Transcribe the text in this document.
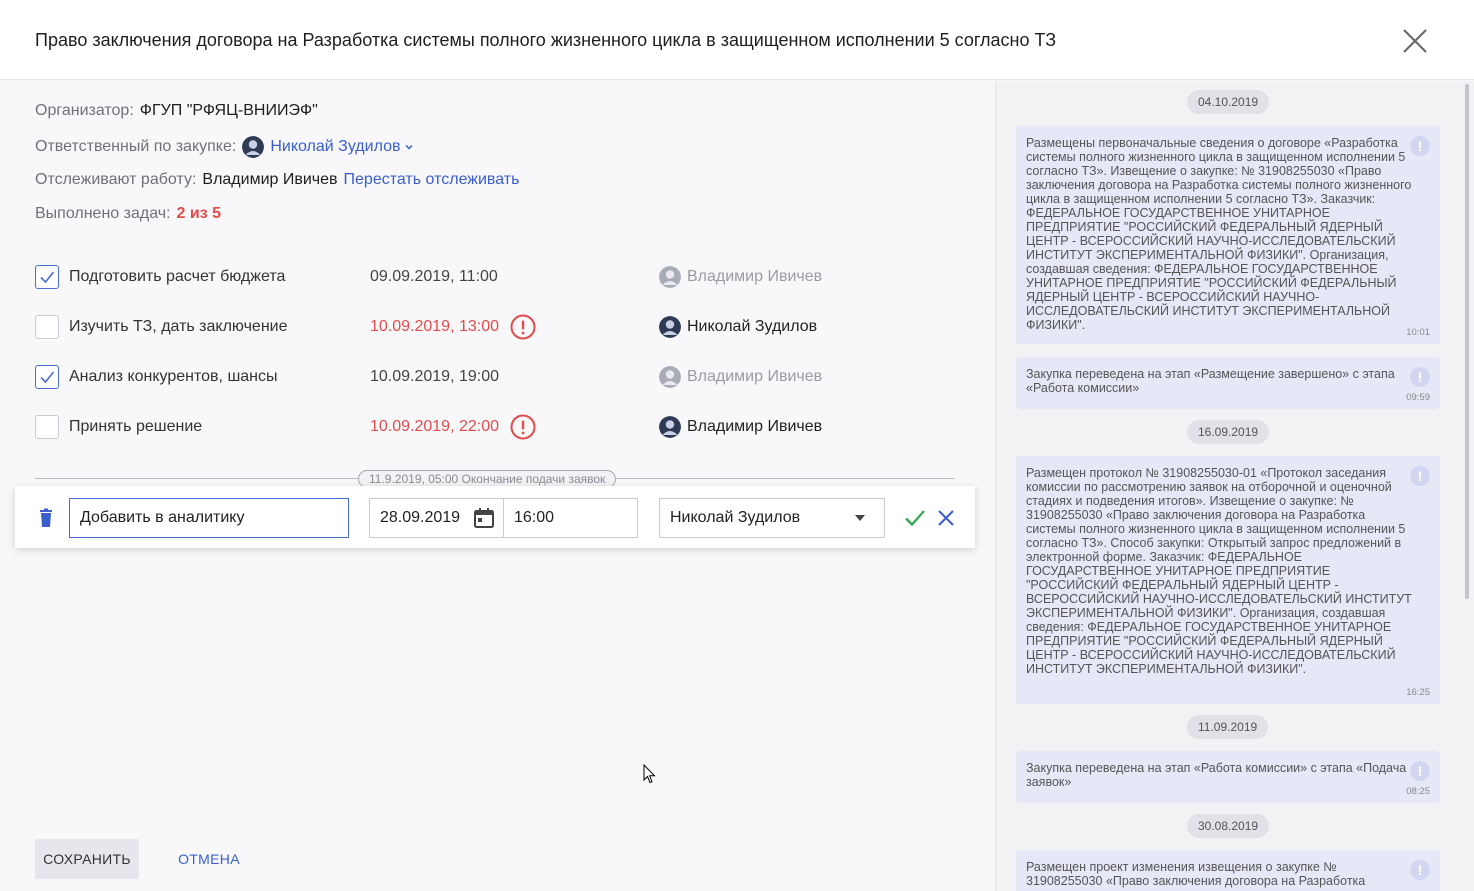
Право заключения договора на Разработка системы полного жизненного цикла в защищенном исполнении 5 согласно ТЗ
Организатор: ФГУП "РФЯЦ-ВНИИЭФ"
Ответственный по закупке: Николай Зудилов
Отслеживают работу: Владимир Ивичев Перестать отслеживать
Выполнено задач: 2 из 5
Подготовить расчет бюджета	09.09.2019, 11:00	Владимир Ивичев
Изучить ТЗ, дать заключение	10.09.2019, 13:00	Николай Зудилов
Анализ конкурентов, шансы	10.09.2019, 19:00	Владимир Ивичев
Принять решение	10.09.2019, 22:00	Владимир Ивичев
11.9.2019, 05:00 Окончание подачи заявок
Добавить в аналитику
28.09.2019	16:00	Николай Зудилов
СОХРАНИТЬ	ОТМЕНА
04.10.2019
Размещены первоначальные сведения о договоре «Разработка системы полного жизненного цикла в защищенном исполнении 5 согласно ТЗ». Извещение о закупке: № 31908255030 «Право заключения договора на Разработка системы полного жизненного цикла в защищенном исполнении 5 согласно ТЗ». Заказчик: ФЕДЕРАЛЬНОЕ ГОСУДАРСТВЕННОЕ УНИТАРНОЕ ПРЕДПРИЯТИЕ "РОССИЙСКИЙ ФЕДЕРАЛЬНЫЙ ЯДЕРНЫЙ ЦЕНТР - ВСЕРОССИЙСКИЙ НАУЧНО-ИССЛЕДОВАТЕЛЬСКИЙ ИНСТИТУТ ЭКСПЕРИМЕНТАЛЬНОЙ ФИЗИКИ". Организация, создавшая сведения: ФЕДЕРАЛЬНОЕ ГОСУДАРСТВЕННОЕ УНИТАРНОЕ ПРЕДПРИЯТИЕ "РОССИЙСКИЙ ФЕДЕРАЛЬНЫЙ ЯДЕРНЫЙ ЦЕНТР - ВСЕРОССИЙСКИЙ НАУЧНО-ИССЛЕДОВАТЕЛЬСКИЙ ИНСТИТУТ ЭКСПЕРИМЕНТАЛЬНОЙ ФИЗИКИ".
!
10:01
Закупка переведена на этап «Размещение завершено» с этапа «Работа комиссии»
!
09:59
16.09.2019
Размещен протокол № 31908255030-01 «Протокол заседания комиссии по рассмотрению заявок на отборочной и оценочной стадиях и подведения итогов». Извещение о закупке: № 31908255030 «Право заключения договора на Разработка системы полного жизненного цикла в защищенном исполнении 5 согласно ТЗ». Способ закупки: Открытый запрос предложений в электронной форме. Заказчик: ФЕДЕРАЛЬНОЕ ГОСУДАРСТВЕННОЕ УНИТАРНОЕ ПРЕДПРИЯТИЕ "РОССИЙСКИЙ ФЕДЕРАЛЬНЫЙ ЯДЕРНЫЙ ЦЕНТР - ВСЕРОССИЙСКИЙ НАУЧНО-ИССЛЕДОВАТЕЛЬСКИЙ ИНСТИТУТ ЭКСПЕРИМЕНТАЛЬНОЙ ФИЗИКИ". Организация, создавшая сведения: ФЕДЕРАЛЬНОЕ ГОСУДАРСТВЕННОЕ УНИТАРНОЕ ПРЕДПРИЯТИЕ "РОССИЙСКИЙ ФЕДЕРАЛЬНЫЙ ЯДЕРНЫЙ ЦЕНТР - ВСЕРОССИЙСКИЙ НАУЧНО-ИССЛЕДОВАТЕЛЬСКИЙ ИНСТИТУТ ЭКСПЕРИМЕНТАЛЬНОЙ ФИЗИКИ".
!
16:25
11.09.2019
Закупка переведена на этап «Работа комиссии» с этапа «Подача заявок»
!
08:25
30.08.2019
Размещен проект изменения извещения о закупке № 31908255030 «Право заключения договора на Разработка
!
